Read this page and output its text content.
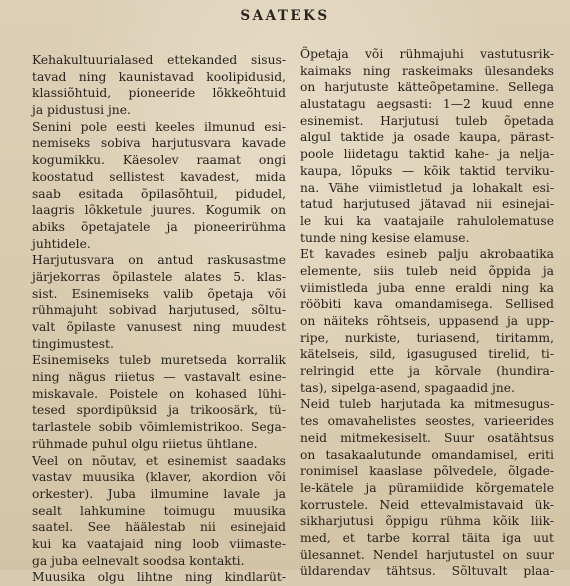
SAATEKS
Kehakultuurialased ettekanded sisus-
tavad ning kaunistavad koolipidusid,
klassiõhtuid, pioneeride lõkkeõhtuid
ja pidustusi jne.
Senini pole eesti keeles ilmunud esi-
nemiseks sobiva harjutusvara kavade
kogumikku. Käesolev raamat ongi
koostatud sellistest kavadest, mida
saab esitada õpilasõhtuil, pidudel,
laagris lõkketule juures. Kogumik on
abiks õpetajatele ja pioneerirühma
juhtidele.
Harjutusvara on antud raskusastme
järjekorras õpilastele alates 5. klas-
sist. Esinemiseks valib õpetaja või
rühmajuht sobivad harjutused, sõltu-
valt õpilaste vanusest ning muudest
tingimustest.
Esinemiseks tuleb muretseda korralik
ning nägus riietus — vastavalt esine-
miskavale. Poistele on kohased lühi-
tesed spordipüksid ja trikoosärk, tü-
tarlastele sobib võimlemistrikoo. Sega-
rühmade puhul olgu riietus ühtlane.
Veel on nõutav, et esinemist saadaks
vastav muusika (klaver, akordion või
orkester). Juba ilmumine lavale ja
sealt lahkumine toimugu muusika
saatel. See häälestab nii esinejaid
kui ka vaatajaid ning loob viimaste-
ga juba eelnevalt soodsa kontakti.
Muusika olgu lihtne ning kindlarüt-
Õpetaja või rühmajuhi vastutusrik-
kaimaks ning raskeimaks ülesandeks
on harjutuste kätteõpetamine. Sellega
alustatagu aegsasti: 1—2 kuud enne
esinemist. Harjutusi tuleb õpetada
algul taktide ja osade kaupa, pärast-
poole liidetagu taktid kahe- ja nelja-
kaupa, lõpuks — kõik taktid terviku-
na. Vähe viimistletud ja lohakalt esi-
tatud harjutused jätavad nii esinejai-
le kui ka vaatajaile rahulolematuse
tunde ning kesise elamuse.
Et kavades esineb palju akrobaatika
elemente, siis tuleb neid õppida ja
viimistleda juba enne eraldi ning ka
rööbiti kava omandamisega. Sellised
on näiteks rõhtseis, uppasend ja upp-
ripe, nurkiste, turiasend, tiritamm,
kätelseis, sild, igasugused tirelid, ti-
relringid ette ja kõrvale (hundira-
tas), sipelga-asend, spagaadid jne.
Neid tuleb harjutada ka mitmesugus-
tes omavahelistes seostes, varieerides
neid mitmekesiselt. Suur osatähtsus
on tasakaalutunde omandamisel, eriti
ronimisel kaaslase põlvedele, õlgade-
le-kätele ja püramiidide kõrgematele
korrustele. Neid ettevalmistavaid ük-
sikharjutusi õppigu rühma kõik liik-
med, et tarbe korral täita iga uut
ülesannet. Nendel harjutustel on suur
üldarendav tähtsus. Sõltuvalt plaa-
